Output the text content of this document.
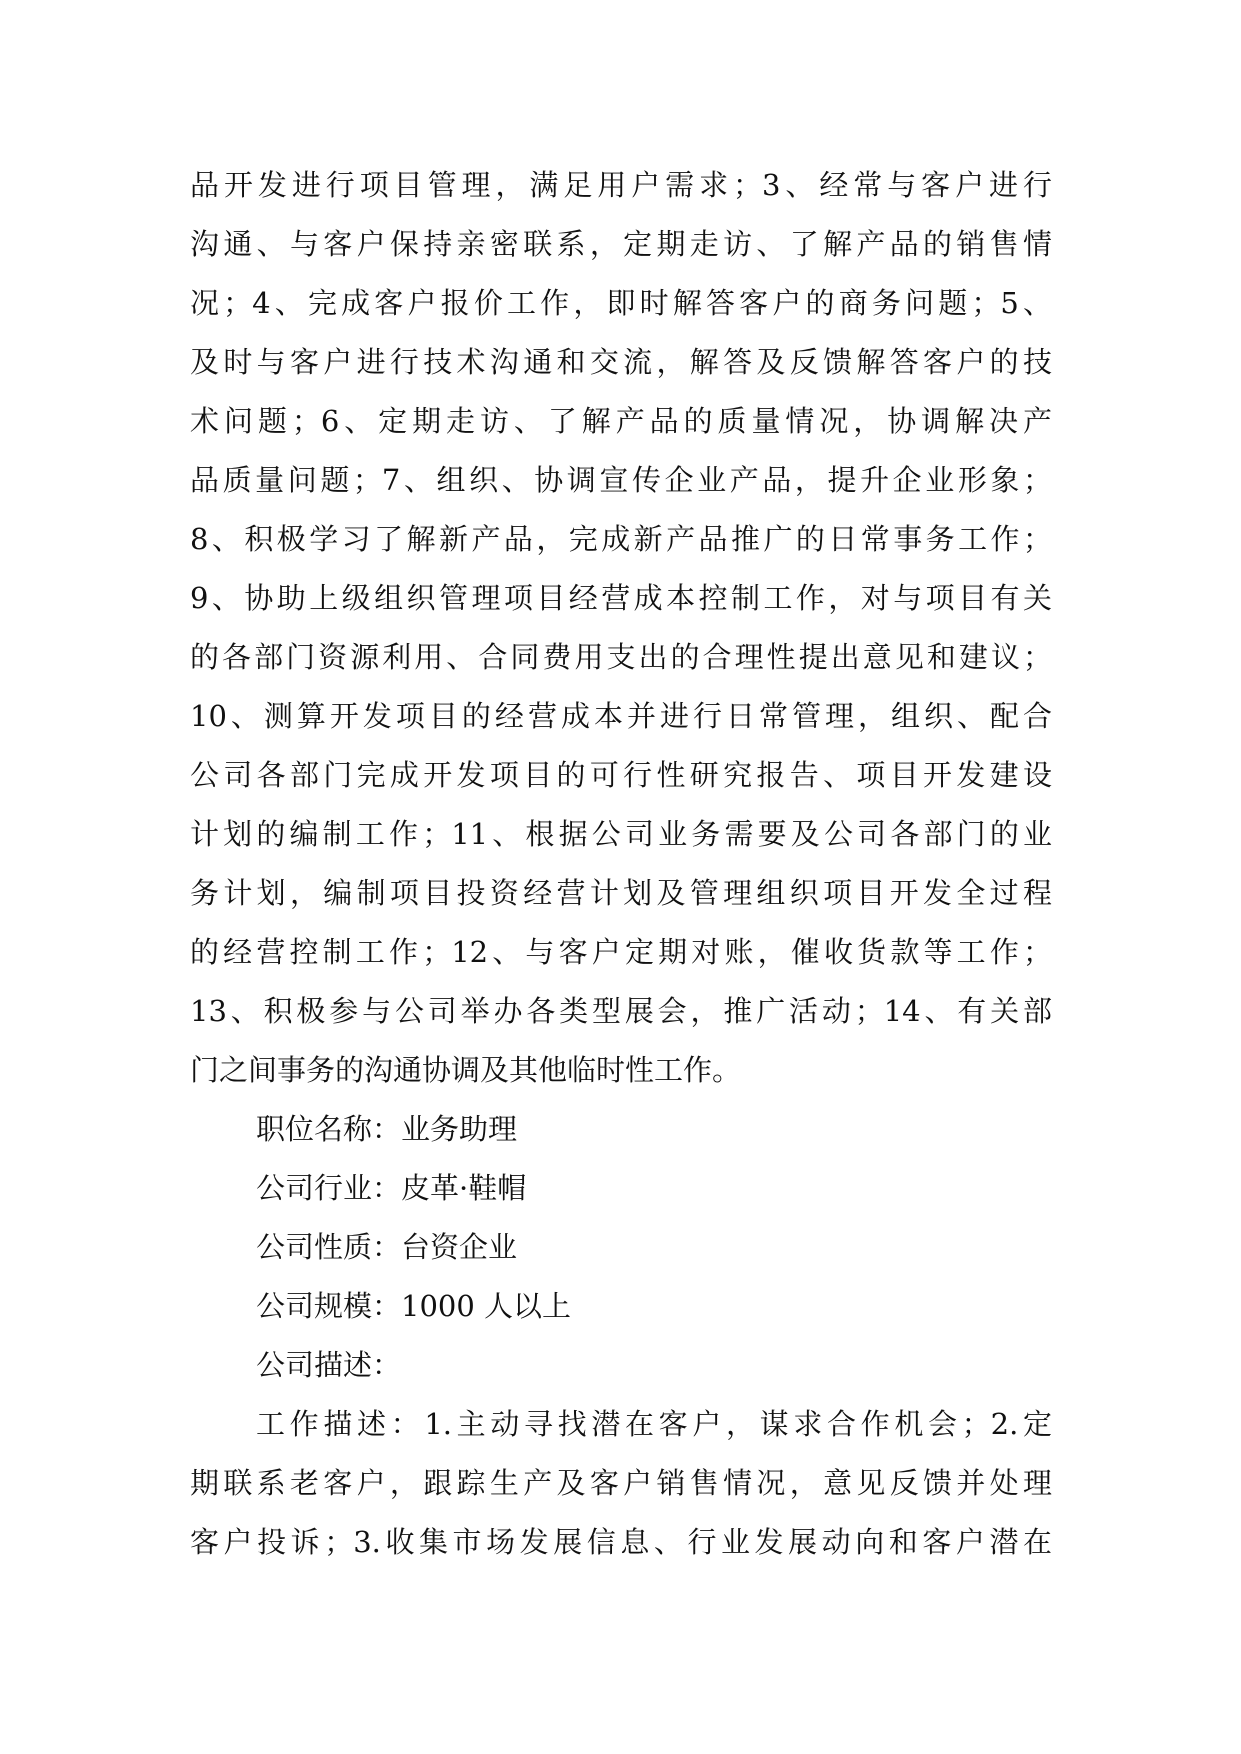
品开发进行项目管理，满足用户需求；3、经常与客户进行
沟通、与客户保持亲密联系，定期走访、了解产品的销售情
况；4、完成客户报价工作，即时解答客户的商务问题；5、
及时与客户进行技术沟通和交流，解答及反馈解答客户的技
术问题；6、定期走访、了解产品的质量情况，协调解决产
品质量问题；7、组织、协调宣传企业产品，提升企业形象；
8、积极学习了解新产品，完成新产品推广的日常事务工作；
9、协助上级组织管理项目经营成本控制工作，对与项目有关
的各部门资源利用、合同费用支出的合理性提出意见和建议；
10、测算开发项目的经营成本并进行日常管理，组织、配合
公司各部门完成开发项目的可行性研究报告、项目开发建设
计划的编制工作；11、根据公司业务需要及公司各部门的业
务计划，编制项目投资经营计划及管理组织项目开发全过程
的经营控制工作；12、与客户定期对账，催收货款等工作；
13、积极参与公司举办各类型展会，推广活动；14、有关部
门之间事务的沟通协调及其他临时性工作。
职位名称：业务助理
公司行业：皮革·鞋帽
公司性质：台资企业
公司规模：1000 人以上
公司描述：
工作描述：1.主动寻找潜在客户，谋求合作机会；2.定
期联系老客户，跟踪生产及客户销售情况，意见反馈并处理
客户投诉；3.收集市场发展信息、行业发展动向和客户潜在
